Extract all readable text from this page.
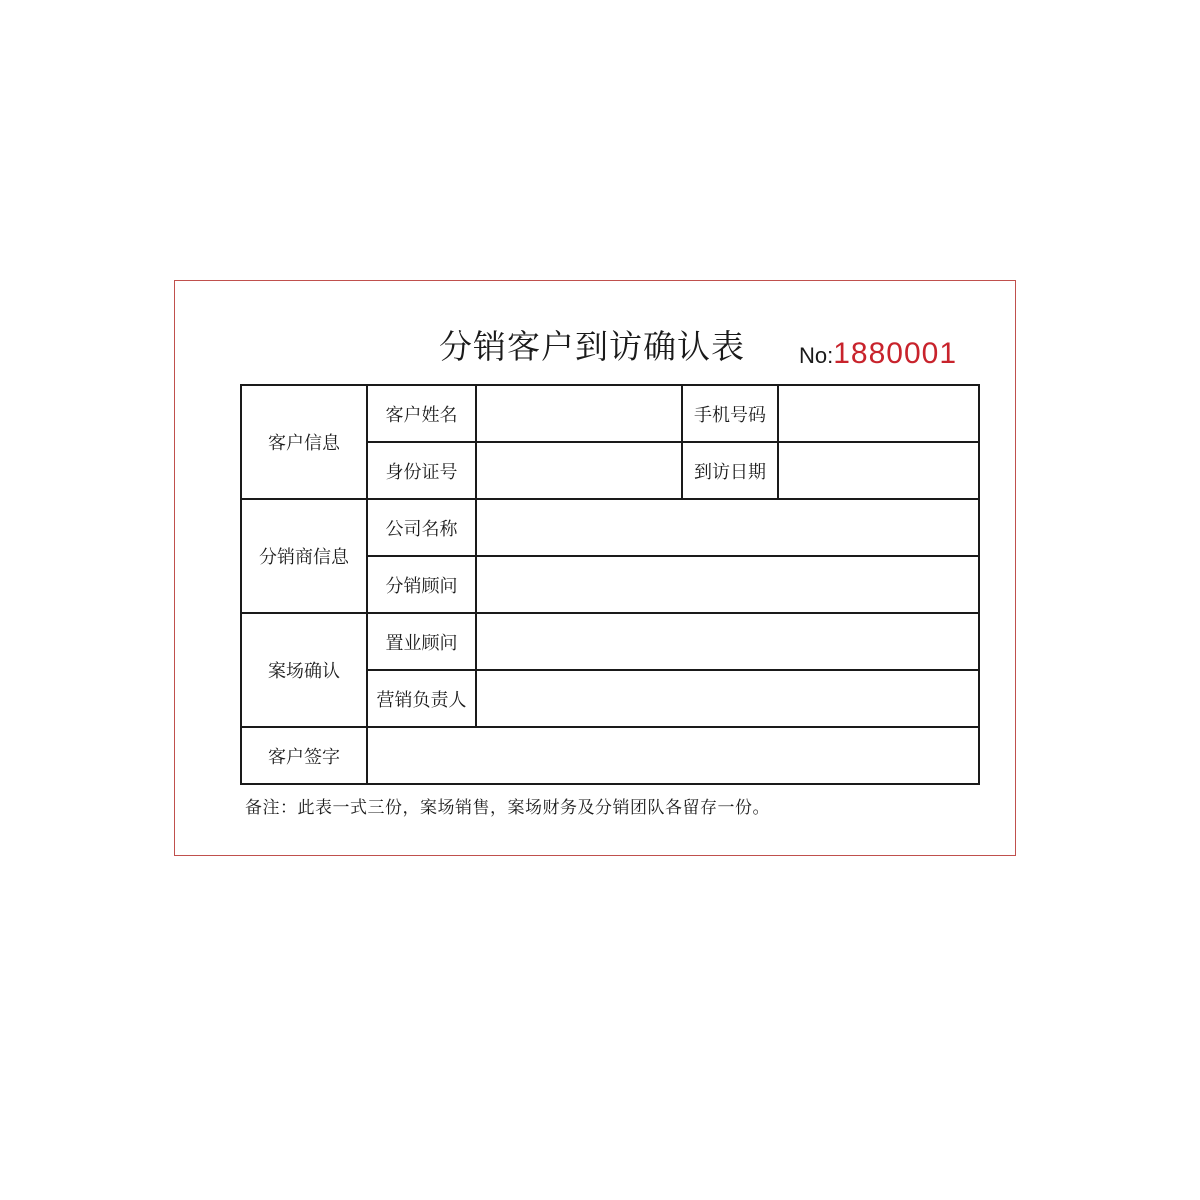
分销客户到访确认表 No:1880001
客户信息	客户姓名		手机号码	
	身份证号		到访日期	
分销商信息	公司名称			
	分销顾问			
案场确认	置业顾问			
	营销负责人			
客户签字				
备注：此表一式三份，案场销售，案场财务及分销团队各留存一份。
